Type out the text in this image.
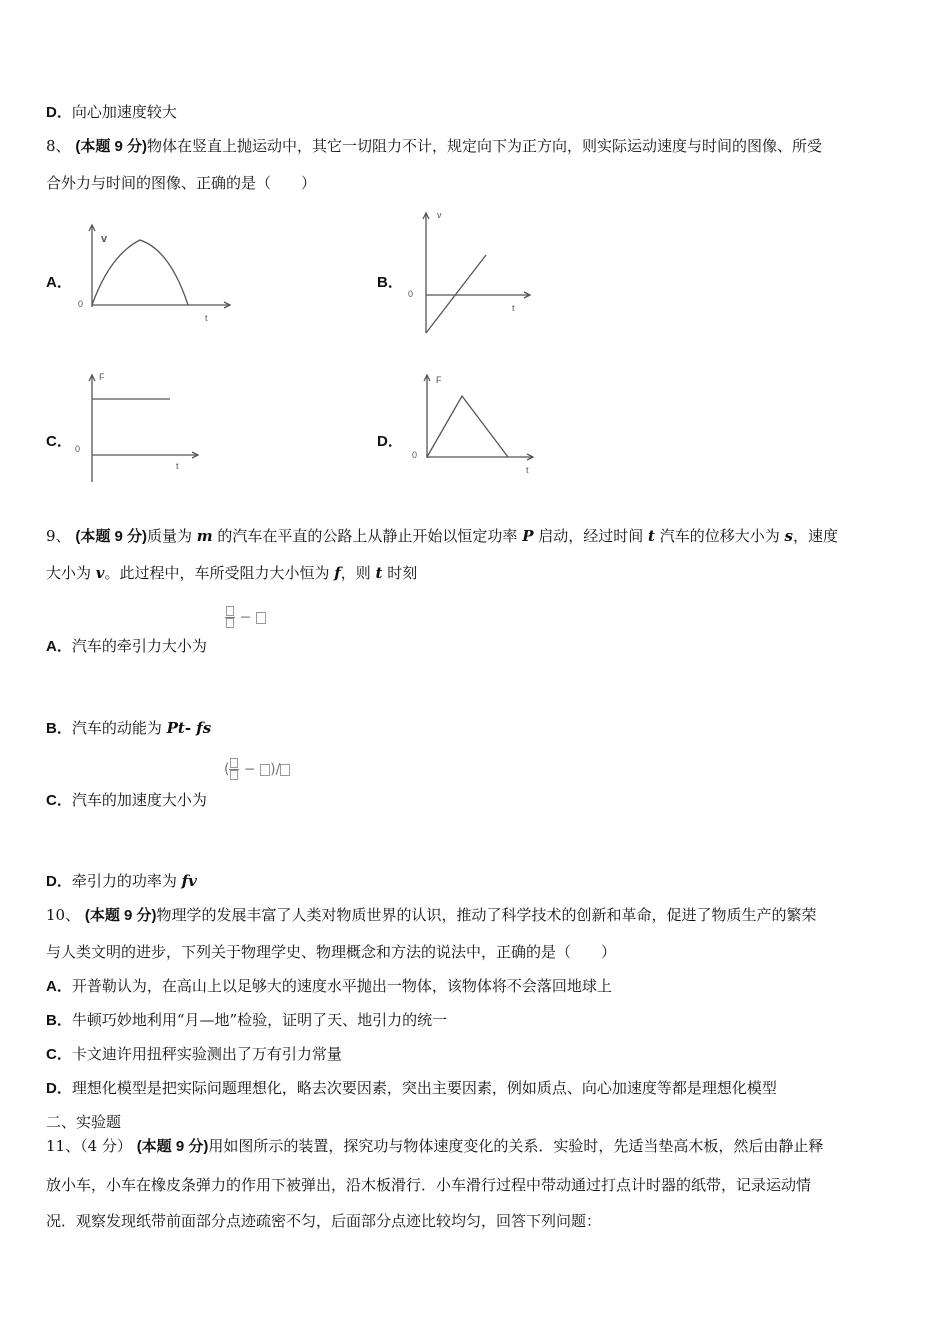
D．向心加速度较大
8、 (本题 9 分)物体在竖直上抛运动中，其它一切阻力不计，规定向下为正方向，则实际运动速度与时间的图像、所受
合外力与时间的图像、正确的是（　　）
A．	B．
C．	D．
v
0
t
v
0
t
F
0
t
F
0
t
9、 (本题 9 分)质量为 m 的汽车在平直的公路上从静止开始以恒定功率 P 启动，经过时间 t 汽车的位移大小为 s，速度
大小为 v。此过程中，车所受阻力大小恒为 f，则 t 时刻
−
A．汽车的牵引力大小为
B．汽车的动能为 Pt- fs
( − )/
C．汽车的加速度大小为
D．牵引力的功率为 fv
10、 (本题 9 分)物理学的发展丰富了人类对物质世界的认识，推动了科学技术的创新和革命，促进了物质生产的繁荣
与人类文明的进步，下列关于物理学史、物理概念和方法的说法中，正确的是（　　）
A．开普勒认为，在高山上以足够大的速度水平抛出一物体，该物体将不会落回地球上
B．牛顿巧妙地利用“月—地”检验，证明了天、地引力的统一
C．卡文迪许用扭秤实验测出了万有引力常量
D．理想化模型是把实际问题理想化，略去次要因素，突出主要因素，例如质点、向心加速度等都是理想化模型
二、实验题
11、（4 分） (本题 9 分)用如图所示的装置，探究功与物体速度变化的关系．实验时，先适当垫高木板，然后由静止释
放小车，小车在橡皮条弹力的作用下被弹出，沿木板滑行．小车滑行过程中带动通过打点计时器的纸带，记录运动情
况．观察发现纸带前面部分点迹疏密不匀，后面部分点迹比较均匀，回答下列问题：
